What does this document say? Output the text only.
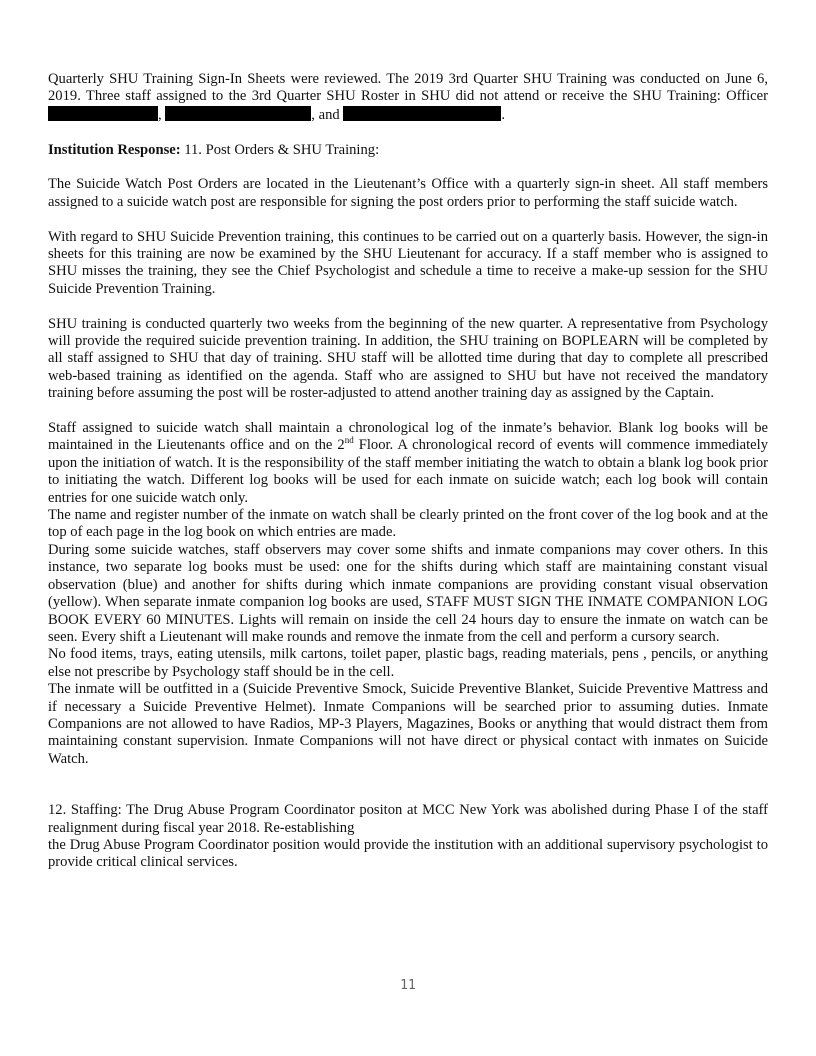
Quarterly SHU Training Sign-In Sheets were reviewed. The 2019 3rd Quarter SHU Training was conducted on June 6, 2019. Three staff assigned to the 3rd Quarter SHU Roster in SHU did not attend or receive the SHU Training: Officer ,	, and	.

Institution Response: 11. Post Orders & SHU Training:

The Suicide Watch Post Orders are located in the Lieutenant’s Office with a quarterly sign-in sheet. All staff members assigned to a suicide watch post are responsible for signing the post orders prior to performing the staff suicide watch.

With regard to SHU Suicide Prevention training, this continues to be carried out on a quarterly basis. However, the sign-in sheets for this training are now be examined by the SHU Lieutenant for accuracy. If a staff member who is assigned to SHU misses the training, they see the Chief Psychologist and schedule a time to receive a make-up session for the SHU Suicide Prevention Training.

SHU training is conducted quarterly two weeks from the beginning of the new quarter. A representative from Psychology will provide the required suicide prevention training. In addition, the SHU training on BOPLEARN will be completed by all staff assigned to SHU that day of training. SHU staff will be allotted time during that day to complete all prescribed web-based training as identified on the agenda. Staff who are assigned to SHU but have not received the mandatory training before assuming the post will be roster-adjusted to attend another training day as assigned by the Captain.

Staff assigned to suicide watch shall maintain a chronological log of the inmate’s behavior. Blank log books will be maintained in the Lieutenants office and on the 2nd Floor. A chronological record of events will commence immediately upon the initiation of watch. It is the responsibility of the staff member initiating the watch to obtain a blank log book prior to initiating the watch. Different log books will be used for each inmate on suicide watch; each log book will contain entries for one suicide watch only.

The name and register number of the inmate on watch shall be clearly printed on the front cover of the log book and at the top of each page in the log book on which entries are made.

During some suicide watches, staff observers may cover some shifts and inmate companions may cover others. In this instance, two separate log books must be used: one for the shifts during which staff are maintaining constant visual observation (blue) and another for shifts during which inmate companions are providing constant visual observation (yellow). When separate inmate companion log books are used, STAFF MUST SIGN THE INMATE COMPANION LOG BOOK EVERY 60 MINUTES. Lights will remain on inside the cell 24 hours day to ensure the inmate on watch can be seen. Every shift a Lieutenant will make rounds and remove the inmate from the cell and perform a cursory search.

No food items, trays, eating utensils, milk cartons, toilet paper, plastic bags, reading materials, pens , pencils, or anything else not prescribe by Psychology staff should be in the cell.

The inmate will be outfitted in a (Suicide Preventive Smock, Suicide Preventive Blanket, Suicide Preventive Mattress and if necessary a Suicide Preventive Helmet). Inmate Companions will be searched prior to assuming duties. Inmate Companions are not allowed to have Radios, MP-3 Players, Magazines, Books or anything that would distract them from maintaining constant supervision. Inmate Companions will not have direct or physical contact with inmates on Suicide Watch.

12. Staffing: The Drug Abuse Program Coordinator positon at MCC New York was abolished during Phase I of the staff realignment during fiscal year 2018. Re-establishing

the Drug Abuse Program Coordinator position would provide the institution with an additional supervisory psychologist to provide critical clinical services.

11
